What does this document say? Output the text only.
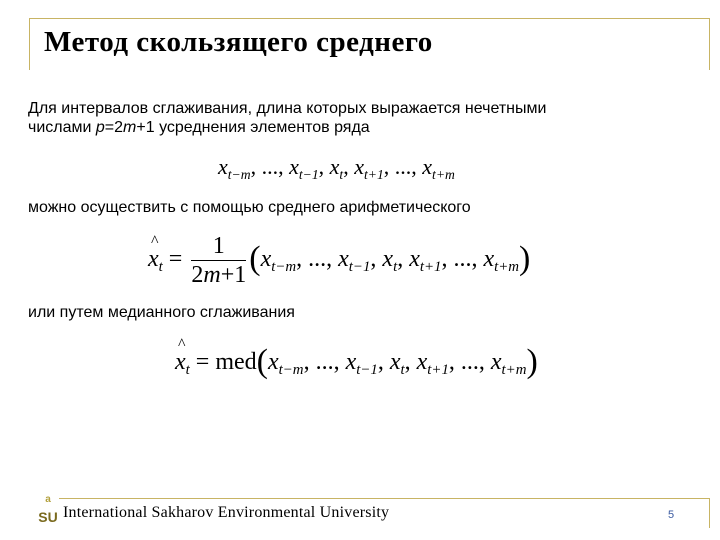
Метод скользящего среднего
Для интервалов сглаживания, длина которых выражается нечетными
числами p=2m+1 усреднения элементов ряда
$x_{t-m}$, ..., $x_{t-1}$, $x_t$, $x_{t+1}$, ..., $x_{t+m}$
можно осуществить с помощью среднего арифметического
^ $x_t = \frac{1}{2m+1} (x_{t-m}$, ..., $x_{t-1}$, $x_t$, $x_{t+1}$, ..., $x_{t+m}$)
или путем медианного сглаживания
^ $x_t = med(x_{t-m}$, ..., $x_{t-1}$, $x_t$, $x_{t+1}$, ..., $x_{t+m}$)
a
SU International Sakharov Environmental University	5
